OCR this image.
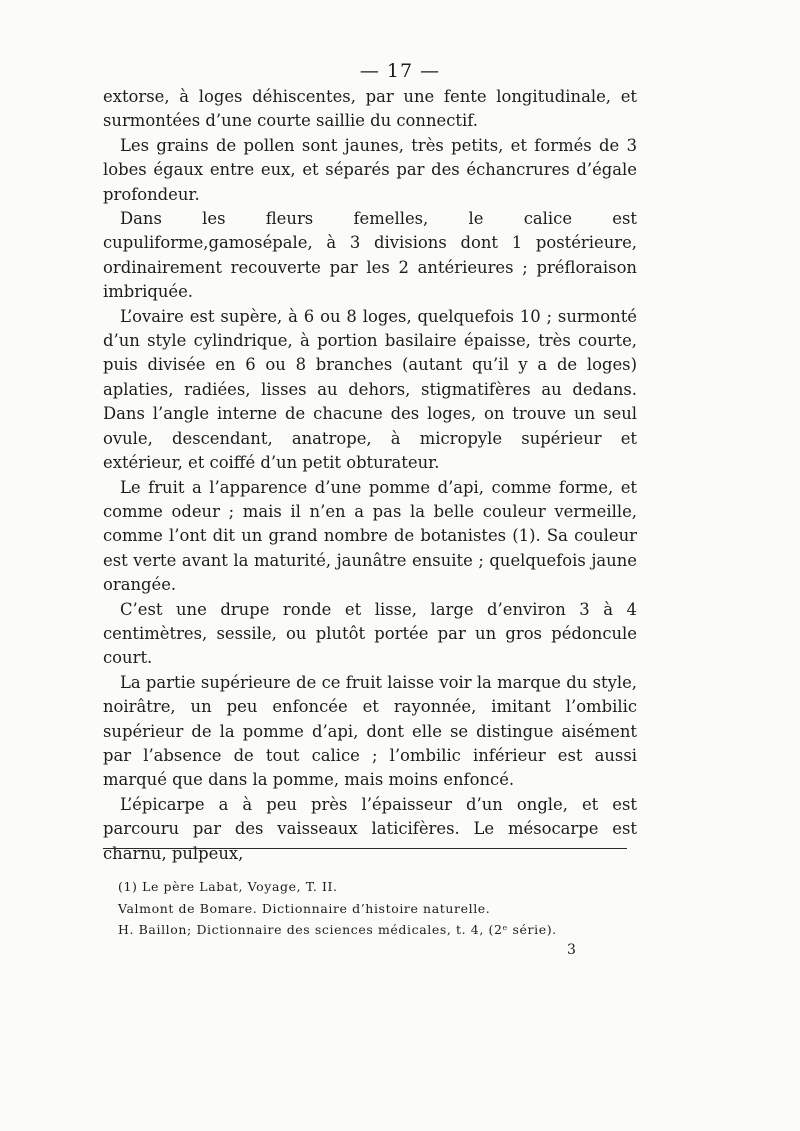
— 17 —

extorse, à loges déhiscentes, par une fente longitudinale, et surmontées d’une courte saillie du connectif.

Les grains de pollen sont jaunes, très petits, et formés de 3 lobes égaux entre eux, et séparés par des échancrures d’égale profondeur.

Dans les fleurs femelles, le calice est cupuliforme,gamosépale, à 3 divisions dont 1 postérieure, ordinairement recouverte par les 2 antérieures ; préfloraison imbriquée.

L’ovaire est supère, à 6 ou 8 loges, quelquefois 10 ; surmonté d’un style cylindrique, à portion basilaire épaisse, très courte, puis divisée en 6 ou 8 branches (autant qu’il y a de loges) aplaties, radiées, lisses au dehors, stigmatifères au dedans. Dans l’angle interne de chacune des loges, on trouve un seul ovule, descendant, anatrope, à micropyle supérieur et extérieur, et coiffé d’un petit obturateur.

Le fruit a l’apparence d’une pomme d’api, comme forme, et comme odeur ; mais il n’en a pas la belle couleur vermeille, comme l’ont dit un grand nombre de botanistes (1). Sa couleur est verte avant la maturité, jaunâtre ensuite ; quelquefois jaune orangée.

C’est une drupe ronde et lisse, large d’environ 3 à 4 centimètres, sessile, ou plutôt portée par un gros pédoncule court.

La partie supérieure de ce fruit laisse voir la marque du style, noirâtre, un peu enfoncée et rayonnée, imitant l’ombilic supérieur de la pomme d’api, dont elle se distingue aisément par l’absence de tout calice ; l’ombilic inférieur est aussi marqué que dans la pomme, mais moins enfoncé.

L’épicarpe a à peu près l’épaisseur d’un ongle, et est parcouru par des vaisseaux laticifères. Le mésocarpe est charnu, pulpeux,

(1) Le père Labat, Voyage, T. II.
Valmont de Bomare. Dictionnaire d’histoire naturelle.
H. Baillon; Dictionnaire des sciences médicales, t. 4, (2ᵉ série).
3
